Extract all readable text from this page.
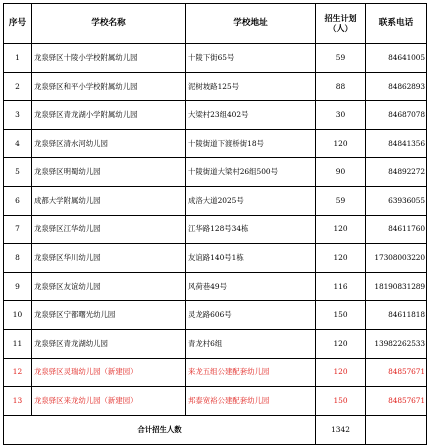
序号	学校名称	学校地址	招生计划（人）	联系电话
1	龙泉驿区十陵小学校附属幼儿园	十陵下街65号	59	84641005
2	龙泉驿区和平小学校附属幼儿园	泥树坡路125号	88	84862893
3	龙泉驿区青龙湖小学附属幼儿园	大梁村23组402号	30	84687078
4	龙泉驿区清水河幼儿园	十陵街道下渡桥街18号	120	84841356
5	龙泉驿区明蜀幼儿园	十陵街道大梁村26组500号	90	84892272
6	成都大学附属幼儿园	成洛大道2025号	59	63936055
7	龙泉驿区江华幼儿园	江华路128号34栋	120	84611760
8	龙泉驿区华川幼儿园	友谊路140号1栋	120	17308003220
9	龙泉驿区友谊幼儿园	风荷巷49号	116	18190831289
10	龙泉驿区宁都曙光幼儿园	灵龙路606号	150	84611818
11	龙泉驿区青龙湖幼儿园	青龙村6组	120	13982262533
12	龙泉驿区灵瑞幼儿园（新建园）	来龙五组公建配套幼儿园	120	84857671
13	龙泉驿区来龙幼儿园（新建园）	邦泰宽裕公建配套幼儿园	150	84857671
合计招生人数			1342	
